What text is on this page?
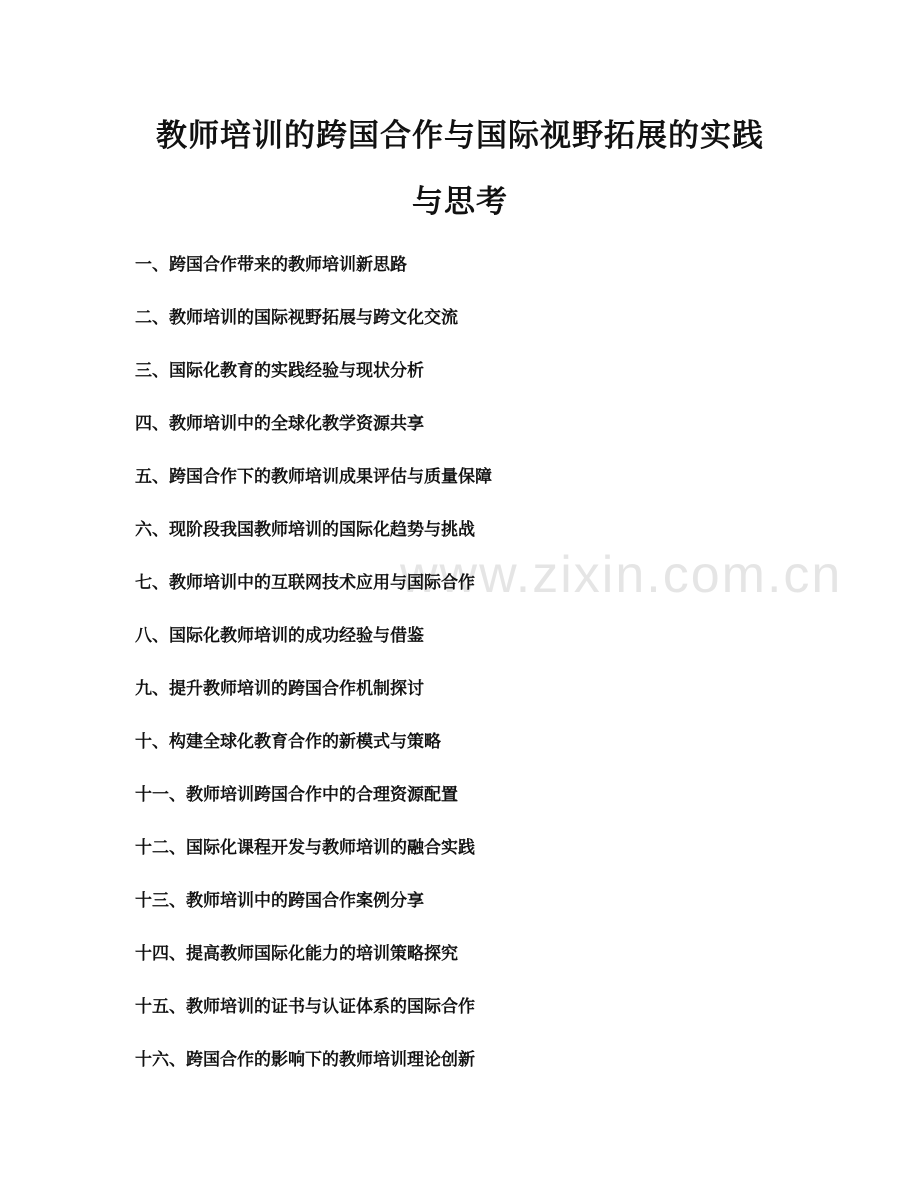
教师培训的跨国合作与国际视野拓展的实践
与思考
一、跨国合作带来的教师培训新思路
二、教师培训的国际视野拓展与跨文化交流
三、国际化教育的实践经验与现状分析
四、教师培训中的全球化教学资源共享
五、跨国合作下的教师培训成果评估与质量保障
六、现阶段我国教师培训的国际化趋势与挑战
七、教师培训中的互联网技术应用与国际合作
八、国际化教师培训的成功经验与借鉴
九、提升教师培训的跨国合作机制探讨
十、构建全球化教育合作的新模式与策略
十一、教师培训跨国合作中的合理资源配置
十二、国际化课程开发与教师培训的融合实践
十三、教师培训中的跨国合作案例分享
十四、提高教师国际化能力的培训策略探究
十五、教师培训的证书与认证体系的国际合作
十六、跨国合作的影响下的教师培训理论创新
www.zixin.com.cn
